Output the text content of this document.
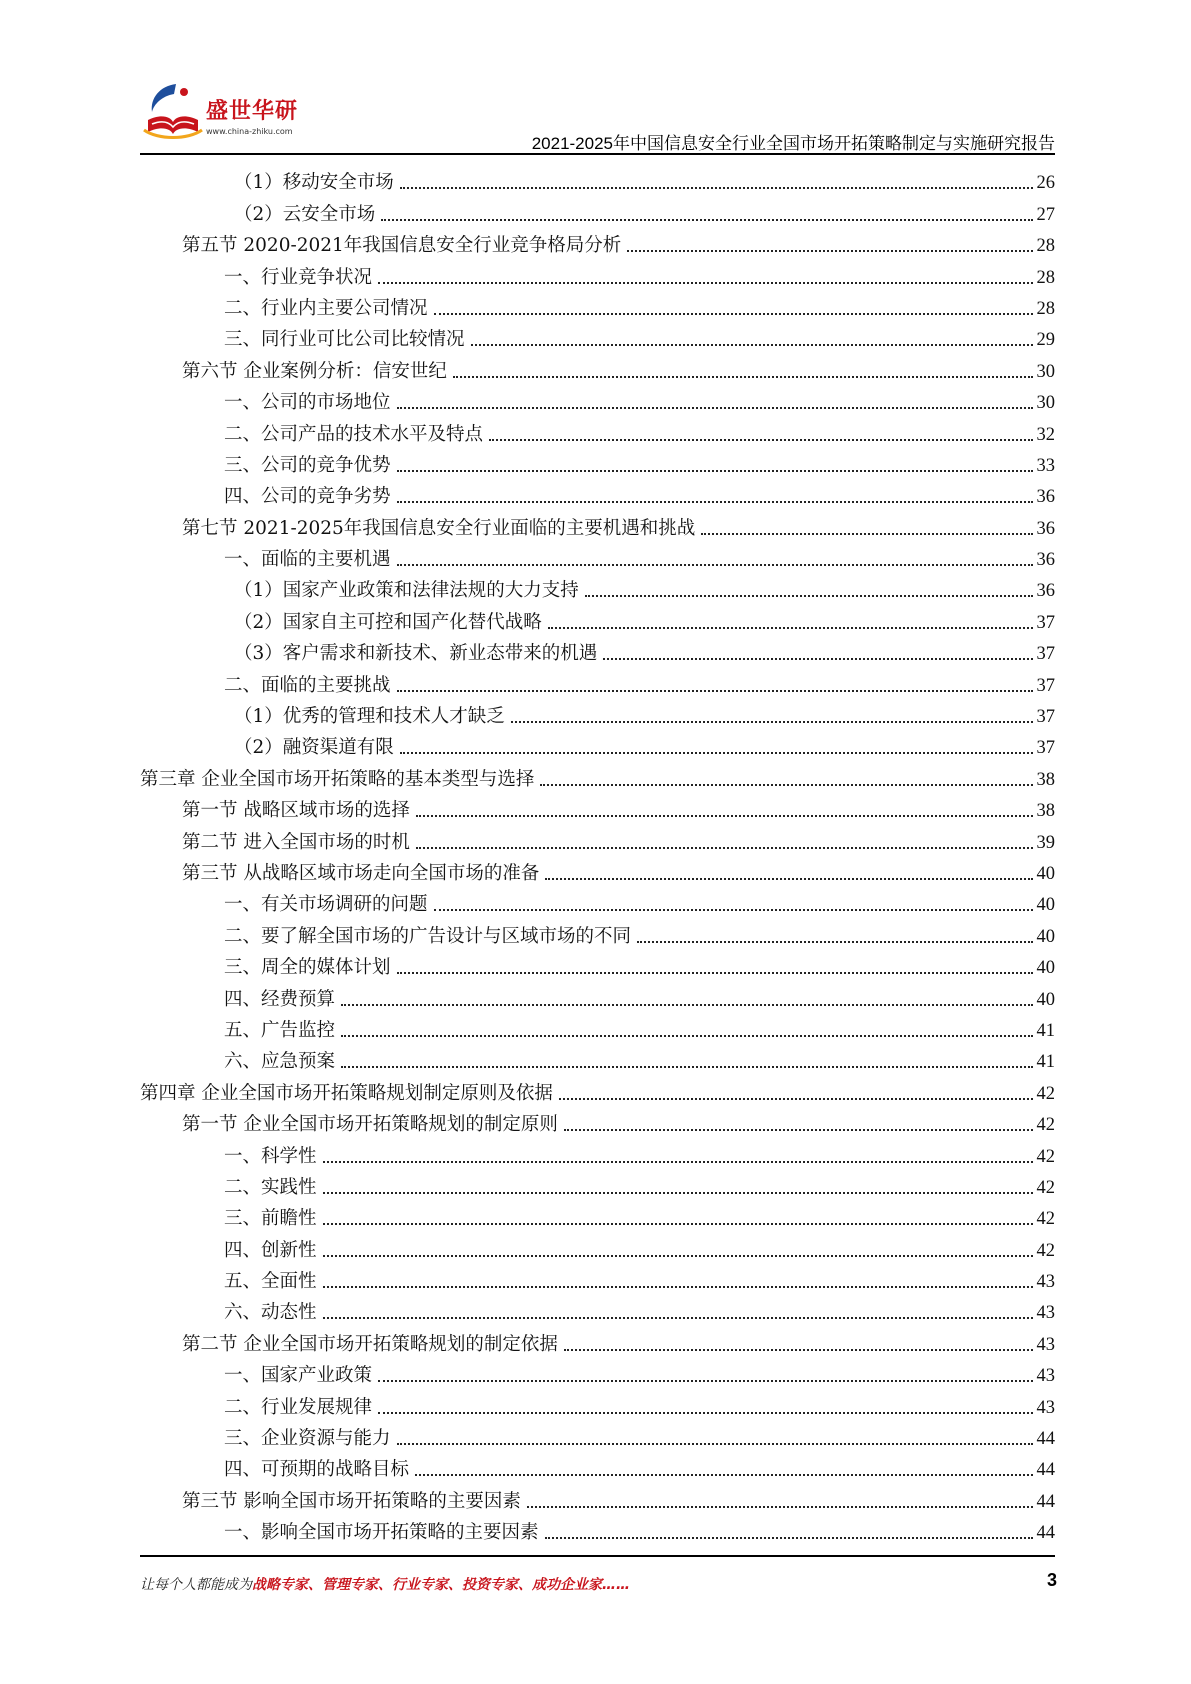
盛世华研
www.china-zhiku.com
2021-2025年中国信息安全行业全国市场开拓策略制定与实施研究报告
（1）移动安全市场	26
（2）云安全市场	27
第五节 2020-2021年我国信息安全行业竞争格局分析	28
一、行业竞争状况	28
二、行业内主要公司情况	28
三、同行业可比公司比较情况	29
第六节 企业案例分析：信安世纪	30
一、公司的市场地位	30
二、公司产品的技术水平及特点	32
三、公司的竞争优势	33
四、公司的竞争劣势	36
第七节 2021-2025年我国信息安全行业面临的主要机遇和挑战	36
一、面临的主要机遇	36
（1）国家产业政策和法律法规的大力支持	36
（2）国家自主可控和国产化替代战略	37
（3）客户需求和新技术、新业态带来的机遇	37
二、面临的主要挑战	37
（1）优秀的管理和技术人才缺乏	37
（2）融资渠道有限	37
第三章 企业全国市场开拓策略的基本类型与选择	38
第一节 战略区域市场的选择	38
第二节 进入全国市场的时机	39
第三节 从战略区域市场走向全国市场的准备	40
一、有关市场调研的问题	40
二、要了解全国市场的广告设计与区域市场的不同	40
三、周全的媒体计划	40
四、经费预算	40
五、广告监控	41
六、应急预案	41
第四章 企业全国市场开拓策略规划制定原则及依据	42
第一节 企业全国市场开拓策略规划的制定原则	42
一、科学性	42
二、实践性	42
三、前瞻性	42
四、创新性	42
五、全面性	43
六、动态性	43
第二节 企业全国市场开拓策略规划的制定依据	43
一、国家产业政策	43
二、行业发展规律	43
三、企业资源与能力	44
四、可预期的战略目标	44
第三节 影响全国市场开拓策略的主要因素	44
一、影响全国市场开拓策略的主要因素	44
让每个人都能成为战略专家、管理专家、行业专家、投资专家、成功企业家……	3
